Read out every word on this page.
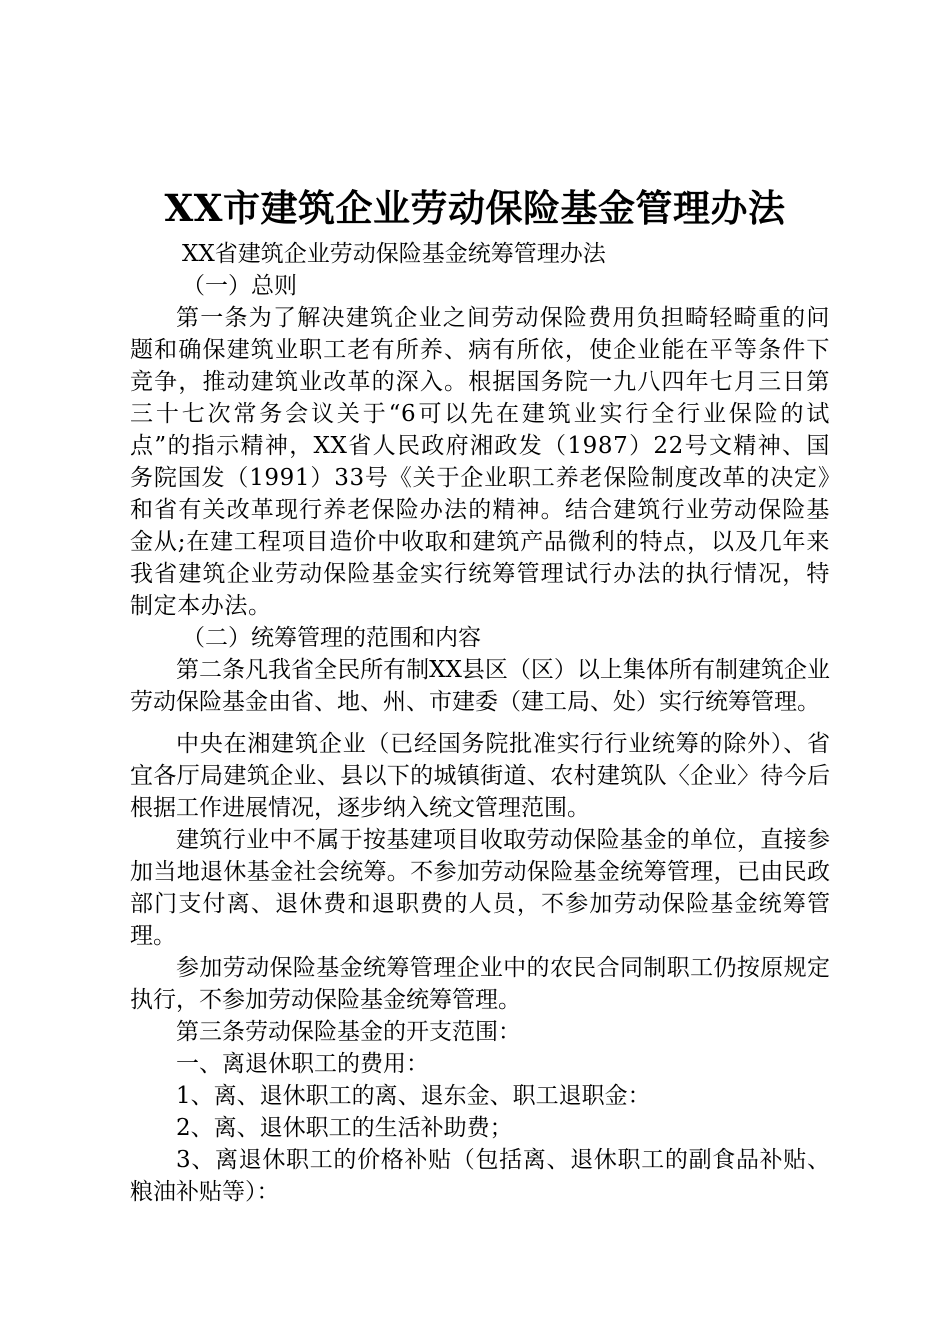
XX市建筑企业劳动保险基金管理办法

XX省建筑企业劳动保险基金统筹管理办法

（一）总则

第一条为了解决建筑企业之间劳动保险费用负担畸轻畸重的问题和确保建筑业职工老有所养、病有所依，使企业能在平等条件下竞争，推动建筑业改革的深入。根据国务院一九八四年七月三日第三十七次常务会议关于“6可以先在建筑业实行全行业保险的试点”的指示精神，XX省人民政府湘政发（1987）22号文精神、国务院国发（1991）33号《关于企业职工养老保险制度改革的决定》和省有关改革现行养老保险办法的精神。结合建筑行业劳动保险基金从;在建工程项目造价中收取和建筑产品微利的特点，以及几年来我省建筑企业劳动保险基金实行统筹管理试行办法的执行情况，特制定本办法。

（二）统筹管理的范围和内容

第二条凡我省全民所有制XX县区（区）以上集体所有制建筑企业劳动保险基金由省、地、州、市建委（建工局、处）实行统筹管理。

中央在湘建筑企业（已经国务院批准实行行业统筹的除外）、省宜各厅局建筑企业、县以下的城镇街道、农村建筑队〈企业〉待今后根据工作进展情况，逐步纳入统文管理范围。

建筑行业中不属于按基建项目收取劳动保险基金的单位，直接参加当地退休基金社会统筹。不参加劳动保险基金统筹管理，已由民政部门支付离、退休费和退职费的人员，不参加劳动保险基金统筹管理。

参加劳动保险基金统筹管理企业中的农民合同制职工仍按原规定执行，不参加劳动保险基金统筹管理。

第三条劳动保险基金的开支范围：

一、离退休职工的费用：

1、离、退休职工的离、退东金、职工退职金：

2、离、退休职工的生活补助费；

3、离退休职工的价格补贴（包括离、退休职工的副食品补贴、粮油补贴等）：
